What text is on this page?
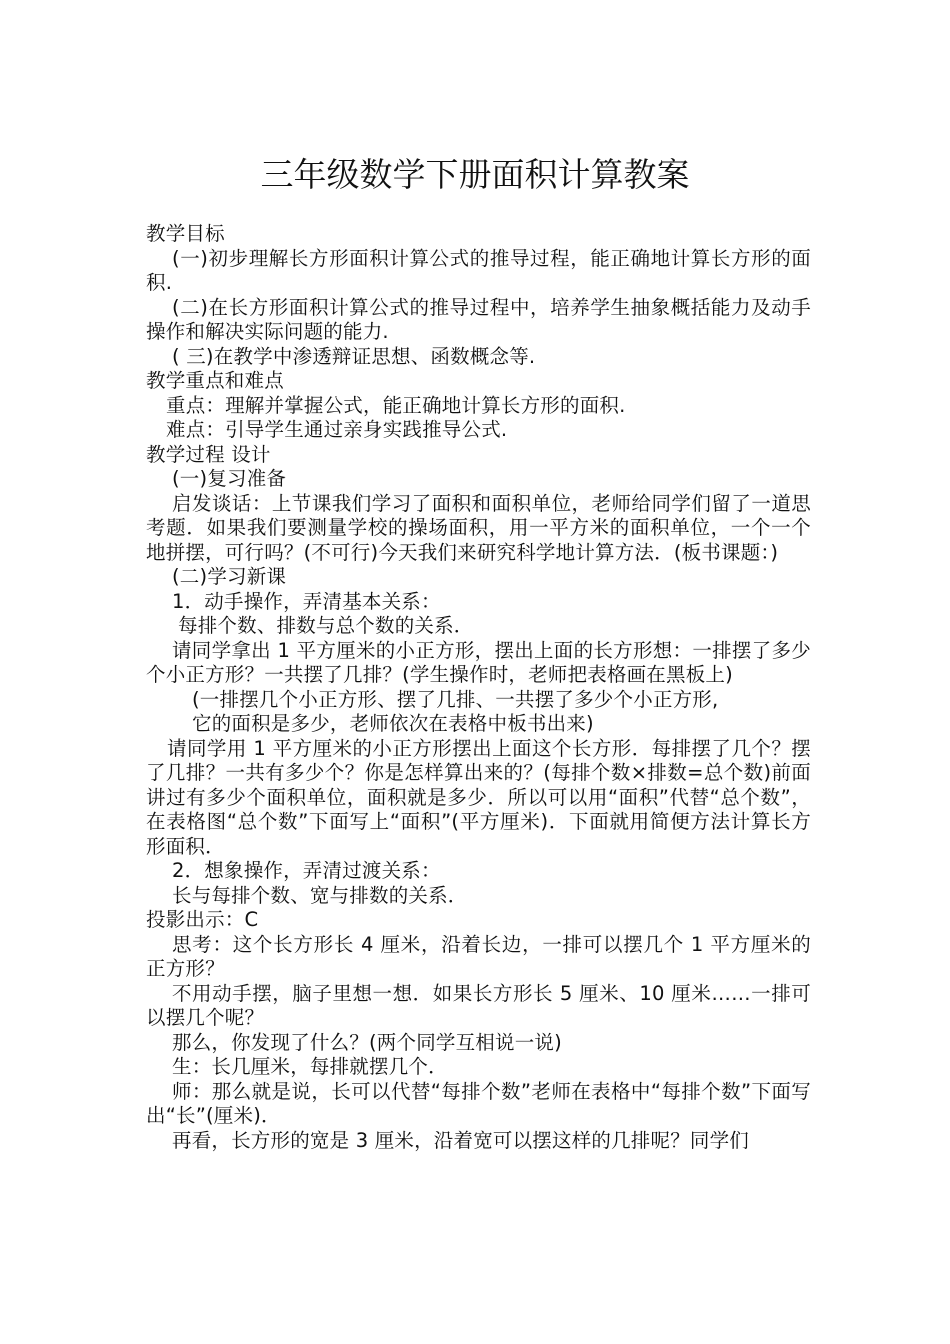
三年级数学下册面积计算教案

教学目标

(一)初步理解长方形面积计算公式的推导过程，能正确地计算长方形的面积.

(二)在长方形面积计算公式的推导过程中，培养学生抽象概括能力及动手操作和解决实际问题的能力.

( 三)在教学中渗透辩证思想、函数概念等.

教学重点和难点

重点：理解并掌握公式，能正确地计算长方形的面积.

难点：引导学生通过亲身实践推导公式.

教学过程 设计

(一)复习准备

启发谈话：上节课我们学习了面积和面积单位，老师给同学们留了一道思考题．如果我们要测量学校的操场面积，用一平方米的面积单位，一个一个地拼摆，可行吗？(不可行)今天我们来研究科学地计算方法．(板书课题：)

(二)学习新课

1．动手操作，弄清基本关系：

每排个数、排数与总个数的关系．

请同学拿出 1 平方厘米的小正方形，摆出上面的长方形想：一排摆了多少个小正方形？一共摆了几排？(学生操作时，老师把表格画在黑板上)

(一排摆几个小正方形、摆了几排、一共摆了多少个小正方形,

它的面积是多少，老师依次在表格中板书出来)

请同学用 1 平方厘米的小正方形摆出上面这个长方形．每排摆了几个？摆了几排？一共有多少个？你是怎样算出来的？(每排个数×排数=总个数)前面讲过有多少个面积单位，面积就是多少．所以可以用“面积”代替“总个数”，在表格图“总个数”下面写上“面积”(平方厘米)．下面就用简便方法计算长方形面积．

2．想象操作，弄清过渡关系：

长与每排个数、宽与排数的关系．

投影出示：C

思考：这个长方形长 4 厘米，沿着长边，一排可以摆几个 1 平方厘米的正方形？

不用动手摆，脑子里想一想．如果长方形长 5 厘米、10 厘米……一排可以摆几个呢？

那么，你发现了什么？(两个同学互相说一说)

生：长几厘米，每排就摆几个．

师：那么就是说，长可以代替“每排个数”老师在表格中“每排个数”下面写出“长”(厘米)．

再看，长方形的宽是 3 厘米，沿着宽可以摆这样的几排呢？同学们
